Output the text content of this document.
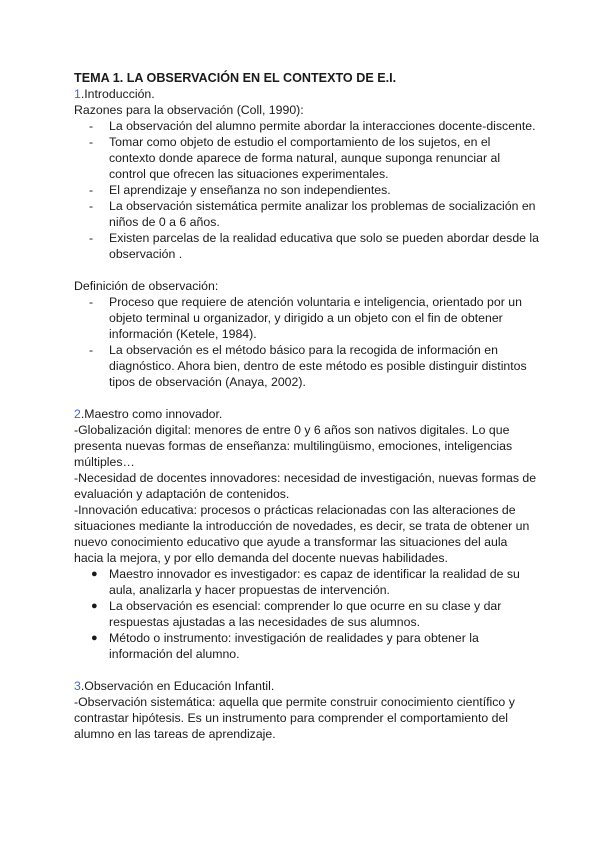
TEMA 1. LA OBSERVACIÓN EN EL CONTEXTO DE E.I.

1.Introducción.

Razones para la observación (Coll, 1990):

- La observación del alumno permite abordar la interacciones docente-discente.
- Tomar como objeto de estudio el comportamiento de los sujetos, en el contexto donde aparece de forma natural, aunque suponga renunciar al control que ofrecen las situaciones experimentales.
- El aprendizaje y enseñanza no son independientes.
- La observación sistemática permite analizar los problemas de socialización en niños de 0 a 6 años.
- Existen parcelas de la realidad educativa que solo se pueden abordar desde la observación .

Definición de observación:

- Proceso que requiere de atención voluntaria e inteligencia, orientado por un objeto terminal u organizador, y dirigido a un objeto con el fin de obtener información (Ketele, 1984).
- La observación es el método básico para la recogida de información en diagnóstico. Ahora bien, dentro de este método es posible distinguir distintos tipos de observación (Anaya, 2002).

2.Maestro como innovador.

-Globalización digital: menores de entre 0 y 6 años son nativos digitales. Lo que presenta nuevas formas de enseñanza: multilingüismo, emociones, inteligencias múltiples…

-Necesidad de docentes innovadores: necesidad de investigación, nuevas formas de evaluación y adaptación de contenidos.

-Innovación educativa: procesos o prácticas relacionadas con las alteraciones de situaciones mediante la introducción de novedades, es decir, se trata de obtener un nuevo conocimiento educativo que ayude a transformar las situaciones del aula hacia la mejora, y por ello demanda del docente nuevas habilidades.

● Maestro innovador es investigador: es capaz de identificar la realidad de su aula, analizarla y hacer propuestas de intervención.
● La observación es esencial: comprender lo que ocurre en su clase y dar respuestas ajustadas a las necesidades de sus alumnos.
● Método o instrumento: investigación de realidades y para obtener la información del alumno.

3.Observación en Educación Infantil.

-Observación sistemática: aquella que permite construir conocimiento científico y contrastar hipótesis. Es un instrumento para comprender el comportamiento del alumno en las tareas de aprendizaje.
